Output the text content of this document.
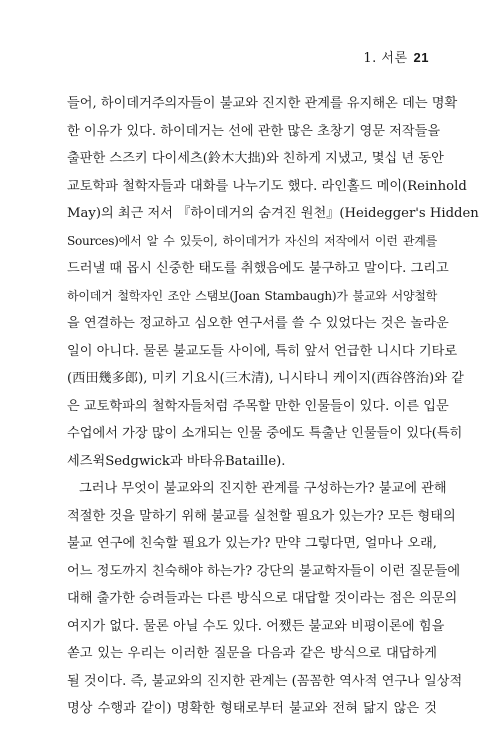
1. 서론 21
들어, 하이데거주의자들이 불교와 진지한 관계를 유지해온 데는 명확
한 이유가 있다. 하이데거는 선에 관한 많은 초창기 영문 저작들을
출판한 스즈키 다이세츠(鈴木大拙)와 친하게 지냈고, 몇십 년 동안
교토학파 철학자들과 대화를 나누기도 했다. 라인홀드 메이(Reinhold
May)의 최근 저서 『하이데거의 숨겨진 원천』(Heidegger's Hidden
Sources)에서 알 수 있듯이, 하이데거가 자신의 저작에서 이런 관계를
드러낼 때 몹시 신중한 태도를 취했음에도 불구하고 말이다. 그리고
하이데거 철학자인 조안 스탬보(Joan Stambaugh)가 불교와 서양철학
을 연결하는 정교하고 심오한 연구서를 쓸 수 있었다는 것은 놀라운
일이 아니다. 물론 불교도들 사이에, 특히 앞서 언급한 니시다 기타로
(西田幾多郎), 미키 기요시(三木清), 니시타니 케이지(西谷啓治)와 같
은 교토학파의 철학자들처럼 주목할 만한 인물들이 있다. 이른 입문
수업에서 가장 많이 소개되는 인물 중에도 특출난 인물들이 있다(특히
세즈윅Sedgwick과 바타유Bataille).
그러나 무엇이 불교와의 진지한 관계를 구성하는가? 불교에 관해
적절한 것을 말하기 위해 불교를 실천할 필요가 있는가? 모든 형태의
불교 연구에 친숙할 필요가 있는가? 만약 그렇다면, 얼마나 오래,
어느 정도까지 친숙해야 하는가? 강단의 불교학자들이 이런 질문들에
대해 출가한 승려들과는 다른 방식으로 대답할 것이라는 점은 의문의
여지가 없다. 물론 아닐 수도 있다. 어쨌든 불교와 비평이론에 힘을
쏟고 있는 우리는 이러한 질문을 다음과 같은 방식으로 대답하게
될 것이다. 즉, 불교와의 진지한 관계는 (꼼꼼한 역사적 연구나 일상적
명상 수행과 같이) 명확한 형태로부터 불교와 전혀 닮지 않은 것
